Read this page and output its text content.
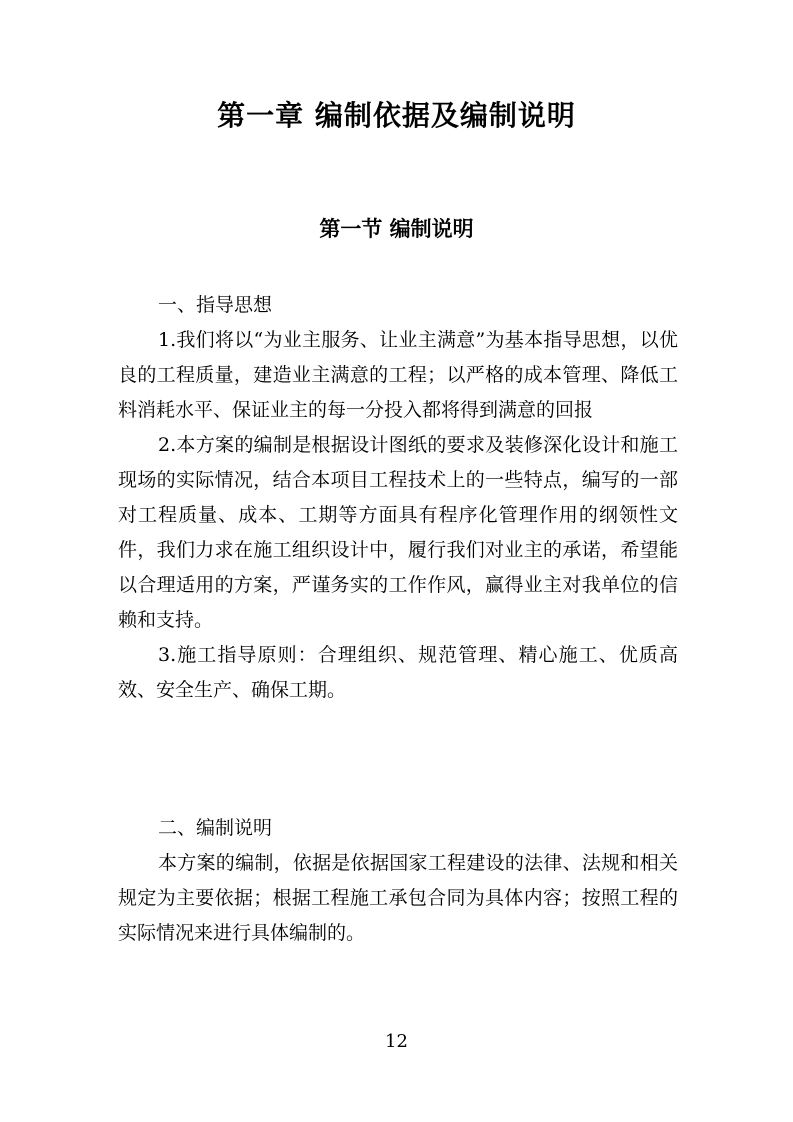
第一章 编制依据及编制说明
第一节 编制说明

一、指导思想

1.我们将以“为业主服务、让业主满意”为基本指导思想，以优良的工程质量，建造业主满意的工程；以严格的成本管理、降低工料消耗水平、保证业主的每一分投入都将得到满意的回报

2.本方案的编制是根据设计图纸的要求及装修深化设计和施工现场的实际情况，结合本项目工程技术上的一些特点，编写的一部对工程质量、成本、工期等方面具有程序化管理作用的纲领性文件，我们力求在施工组织设计中，履行我们对业主的承诺，希望能以合理适用的方案，严谨务实的工作作风，赢得业主对我单位的信赖和支持。

3.施工指导原则：合理组织、规范管理、精心施工、优质高效、安全生产、确保工期。

二、编制说明

本方案的编制，依据是依据国家工程建设的法律、法规和相关规定为主要依据；根据工程施工承包合同为具体内容；按照工程的实际情况来进行具体编制的。

12
